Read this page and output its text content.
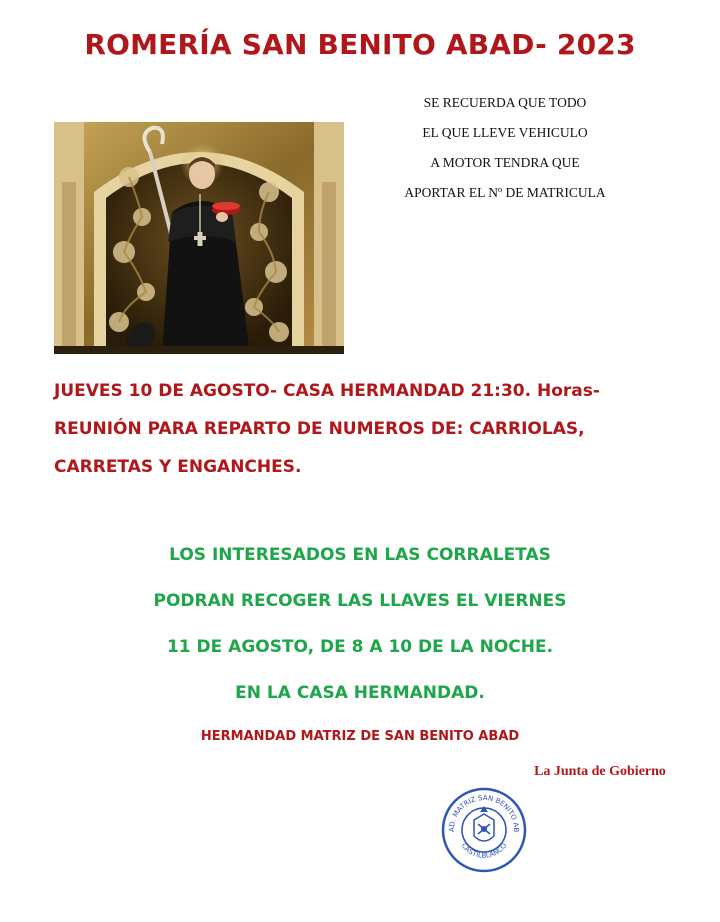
ROMERÍA SAN BENITO ABAD- 2023
SE RECUERDA QUE TODO
EL QUE LLEVE VEHICULO
A MOTOR TENDRA QUE
APORTAR EL Nº DE MATRICULA
JUEVES 10 DE AGOSTO- CASA HERMANDAD 21:30. Horas-
REUNIÓN PARA REPARTO DE NUMEROS DE: CARRIOLAS,
CARRETAS Y ENGANCHES.
LOS INTERESADOS EN LAS CORRALETAS
PODRAN RECOGER LAS LLAVES EL VIERNES
11 DE AGOSTO, DE 8 A 10 DE LA NOCHE.
EN LA CASA HERMANDAD.
HERMANDAD MATRIZ DE SAN BENITO ABAD
La Junta de Gobierno
AD. MATRIZ SAN BENITO AB
CASTILBLANCO
